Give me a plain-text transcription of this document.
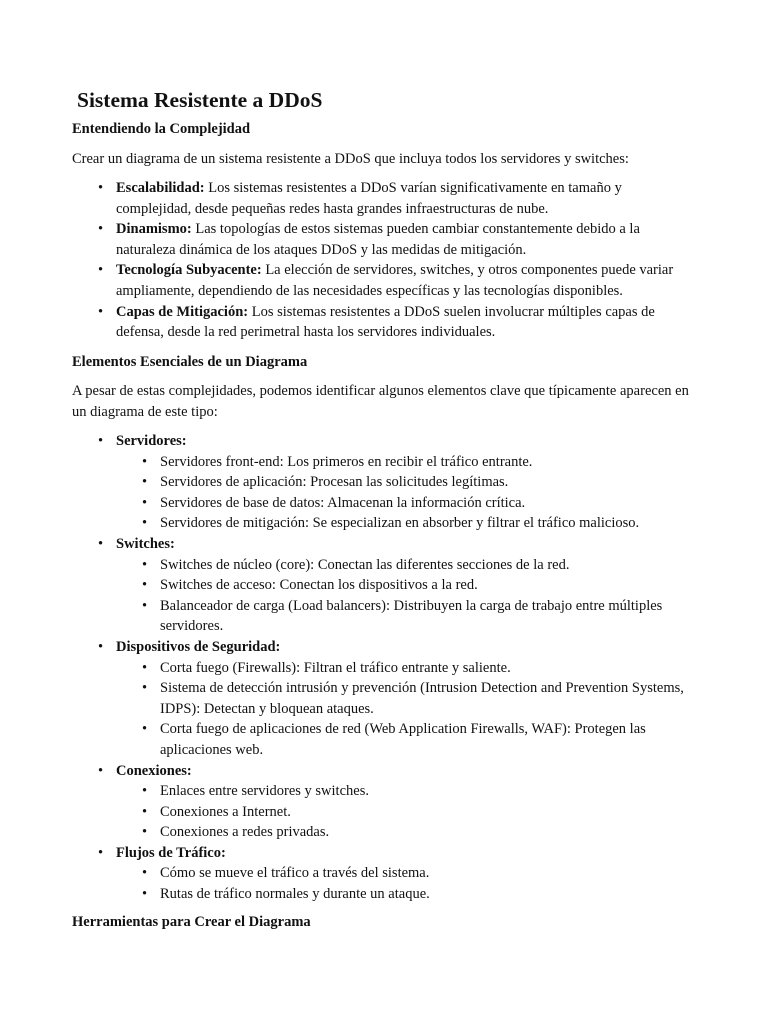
Sistema Resistente a DDoS
Entendiendo la Complejidad

Crear un diagrama de un sistema resistente a DDoS que incluya todos los servidores y switches:

• Escalabilidad: Los sistemas resistentes a DDoS varían significativamente en tamaño y complejidad, desde pequeñas redes hasta grandes infraestructuras de nube.
• Dinamismo: Las topologías de estos sistemas pueden cambiar constantemente debido a la naturaleza dinámica de los ataques DDoS y las medidas de mitigación.
• Tecnología Subyacente: La elección de servidores, switches, y otros componentes puede variar ampliamente, dependiendo de las necesidades específicas y las tecnologías disponibles.
• Capas de Mitigación: Los sistemas resistentes a DDoS suelen involucrar múltiples capas de defensa, desde la red perimetral hasta los servidores individuales.
Elementos Esenciales de un Diagrama

A pesar de estas complejidades, podemos identificar algunos elementos clave que típicamente aparecen en un diagrama de este tipo:

• Servidores:
• Servidores front-end: Los primeros en recibir el tráfico entrante.
• Servidores de aplicación: Procesan las solicitudes legítimas.
• Servidores de base de datos: Almacenan la información crítica.
• Servidores de mitigación: Se especializan en absorber y filtrar el tráfico malicioso.
• Switches:
• Switches de núcleo (core): Conectan las diferentes secciones de la red.
• Switches de acceso: Conectan los dispositivos a la red.
• Balanceador de carga (Load balancers): Distribuyen la carga de trabajo entre múltiples servidores.
• Dispositivos de Seguridad:
• Corta fuego (Firewalls): Filtran el tráfico entrante y saliente.
• Sistema de detección intrusión y prevención (Intrusion Detection and Prevention Systems, IDPS): Detectan y bloquean ataques.
• Corta fuego de aplicaciones de red (Web Application Firewalls, WAF): Protegen las aplicaciones web.
• Conexiones:
• Enlaces entre servidores y switches.
• Conexiones a Internet.
• Conexiones a redes privadas.
• Flujos de Tráfico:
• Cómo se mueve el tráfico a través del sistema.
• Rutas de tráfico normales y durante un ataque.
Herramientas para Crear el Diagrama
